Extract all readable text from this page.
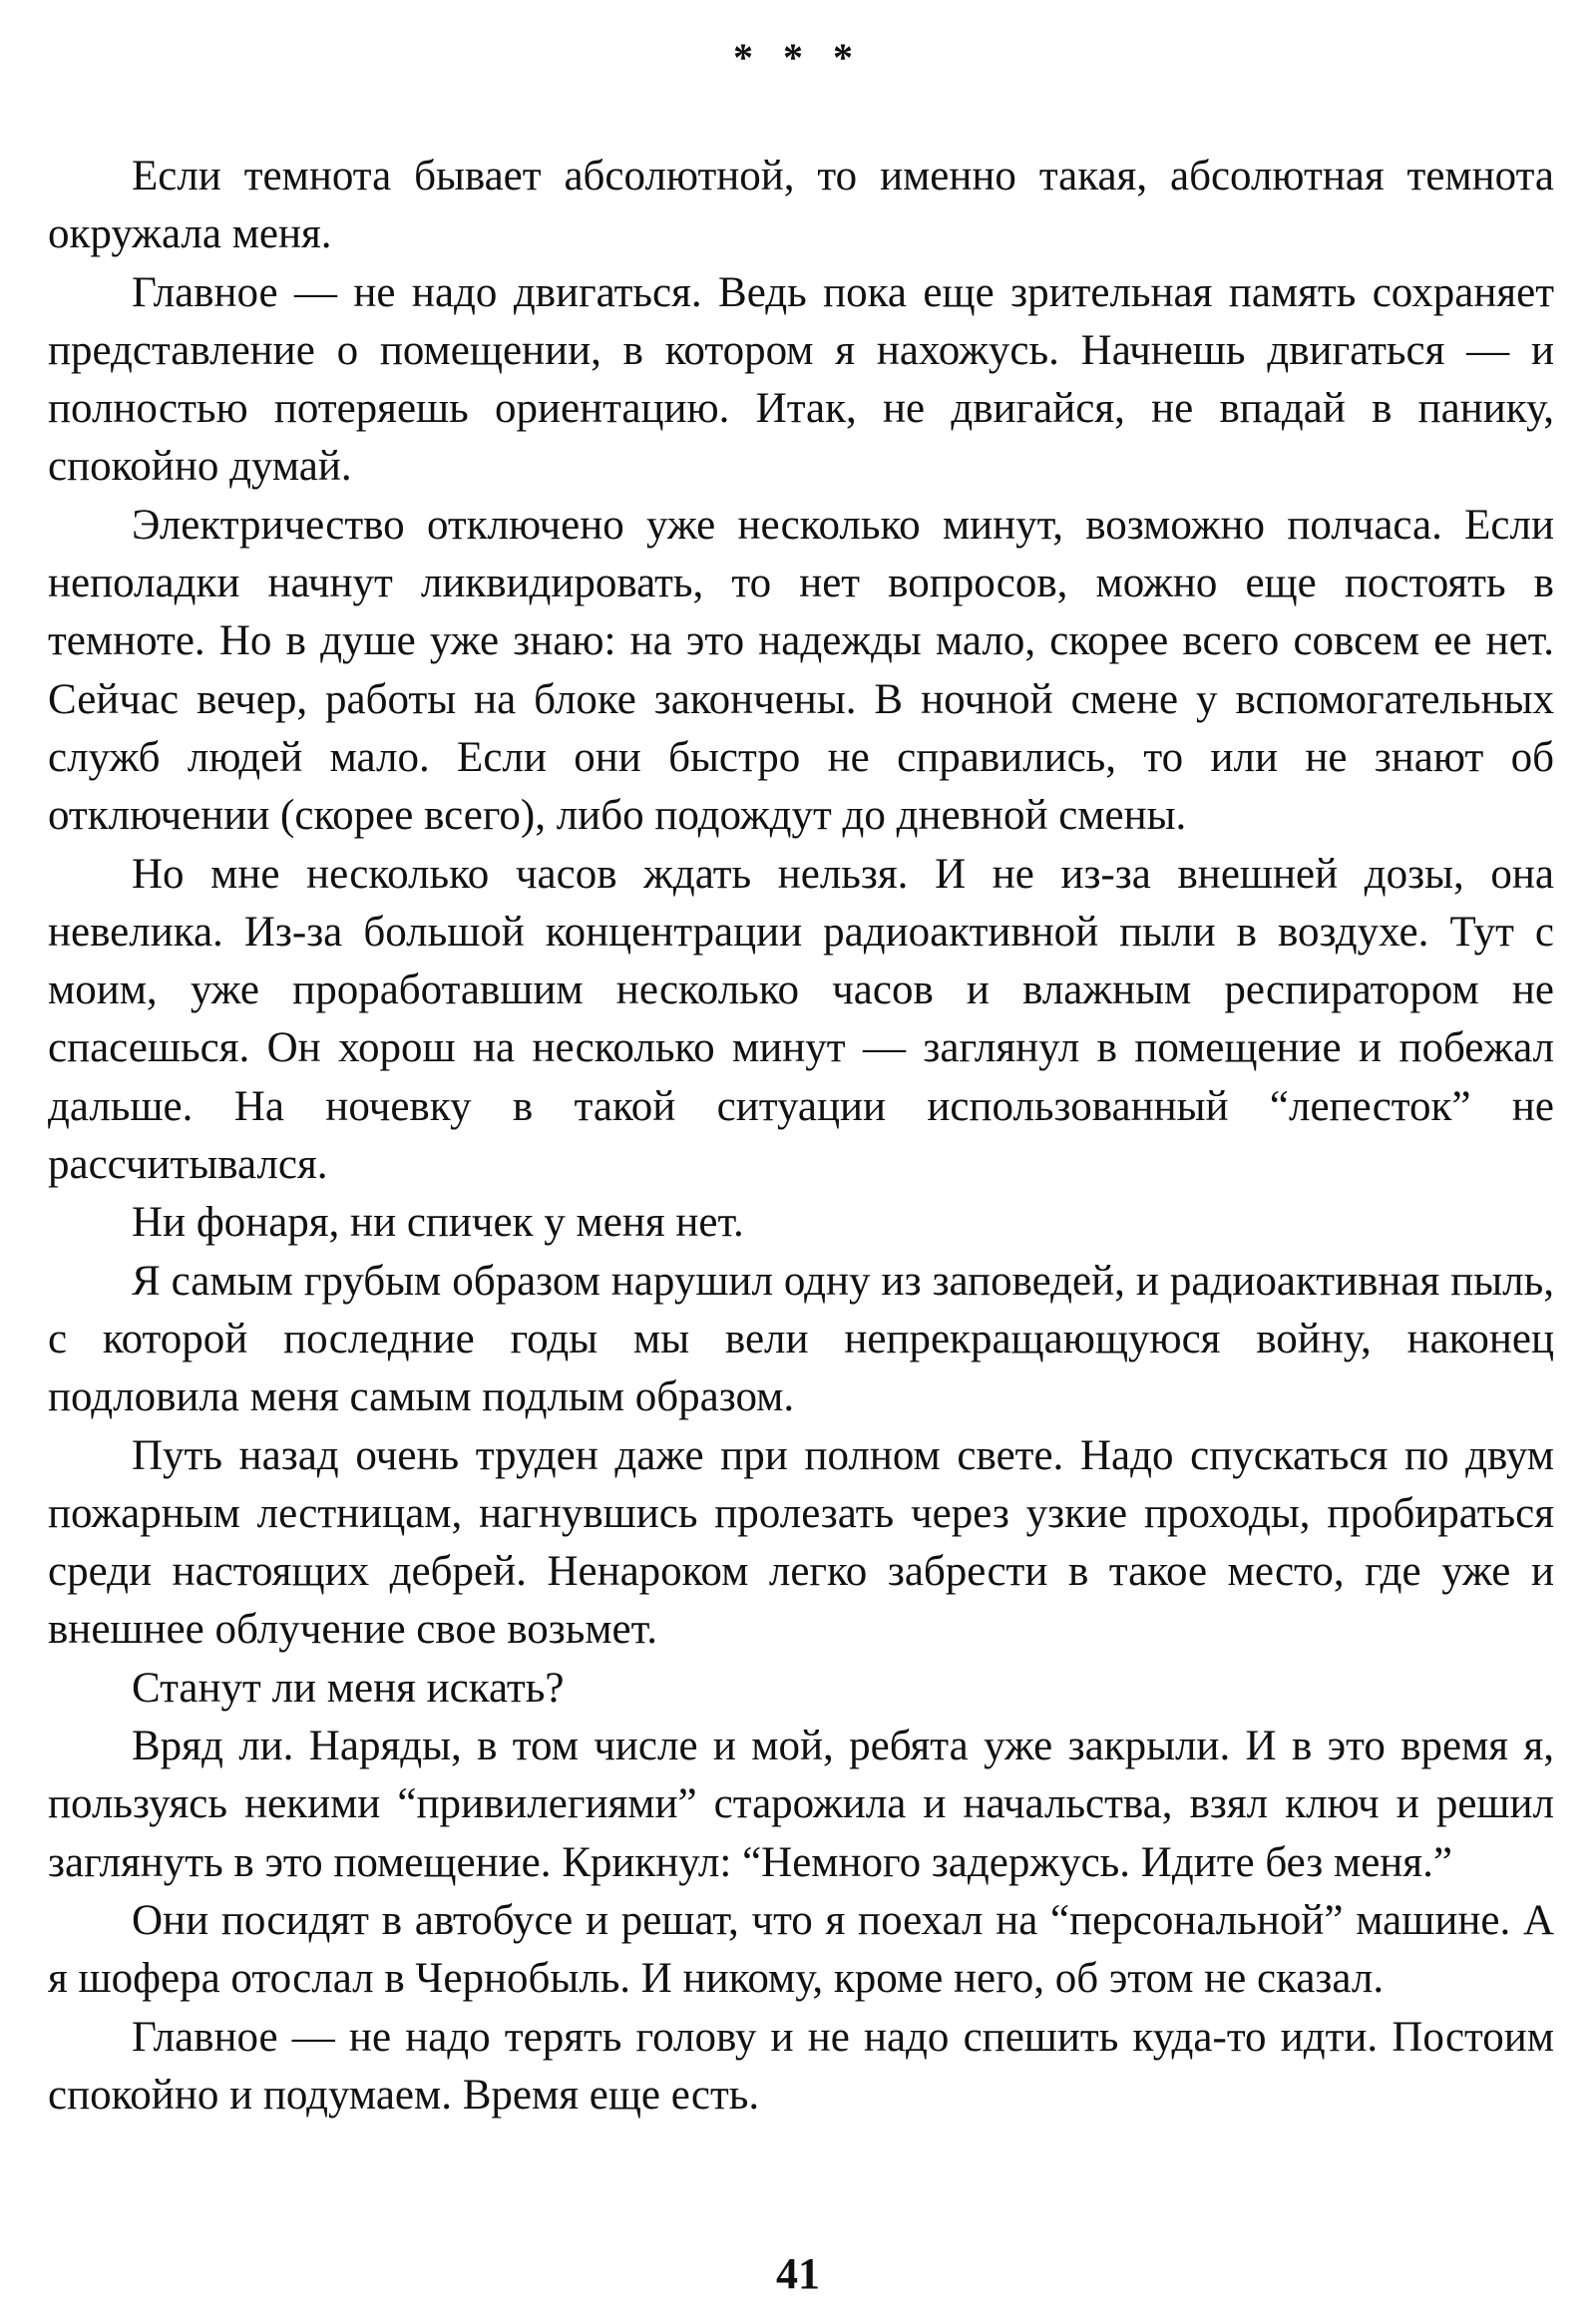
* * *

Если темнота бывает абсолютной, то именно такая, абсолютная темнота окружала меня.

Главное — не надо двигаться. Ведь пока еще зрительная память сохраняет представление о помещении, в котором я нахожусь. Начнешь двигаться — и полностью потеряешь ориентацию. Итак, не двигайся, не впадай в панику, спокойно думай.

Электричество отключено уже несколько минут, возможно полчаса. Если неполадки начнут ликвидировать, то нет вопросов, можно еще постоять в темноте. Но в душе уже знаю: на это надежды мало, скорее всего совсем ее нет. Сейчас вечер, работы на блоке закончены. В ночной смене у вспомогательных служб людей мало. Если они быстро не справились, то или не знают об отключении (скорее всего), либо подождут до дневной смены.

Но мне несколько часов ждать нельзя. И не из-за внешней дозы, она невелика. Из-за большой концентрации радиоактивной пыли в воздухе. Тут с моим, уже проработавшим несколько часов и влажным респиратором не спасешься. Он хорош на несколько минут — заглянул в помещение и побежал дальше. На ночевку в такой ситуации использованный “лепесток” не рассчитывался.

Ни фонаря, ни спичек у меня нет.

Я самым грубым образом нарушил одну из заповедей, и радиоактивная пыль, с которой последние годы мы вели непрекращающуюся войну, наконец подловила меня самым подлым образом.

Путь назад очень труден даже при полном свете. Надо спускаться по двум пожарным лестницам, нагнувшись пролезать через узкие проходы, пробираться среди настоящих дебрей. Ненароком легко забрести в такое место, где уже и внешнее облучение свое возьмет.

Станут ли меня искать?

Вряд ли. Наряды, в том числе и мой, ребята уже закрыли. И в это время я, пользуясь некими “привилегиями” старожила и начальства, взял ключ и решил заглянуть в это помещение. Крикнул: “Немного задержусь. Идите без меня.”

Они посидят в автобусе и решат, что я поехал на “персональной” машине. А я шофера отослал в Чернобыль. И никому, кроме него, об этом не сказал.

Главное — не надо терять голову и не надо спешить куда-то идти. Постоим спокойно и подумаем. Время еще есть.

41
